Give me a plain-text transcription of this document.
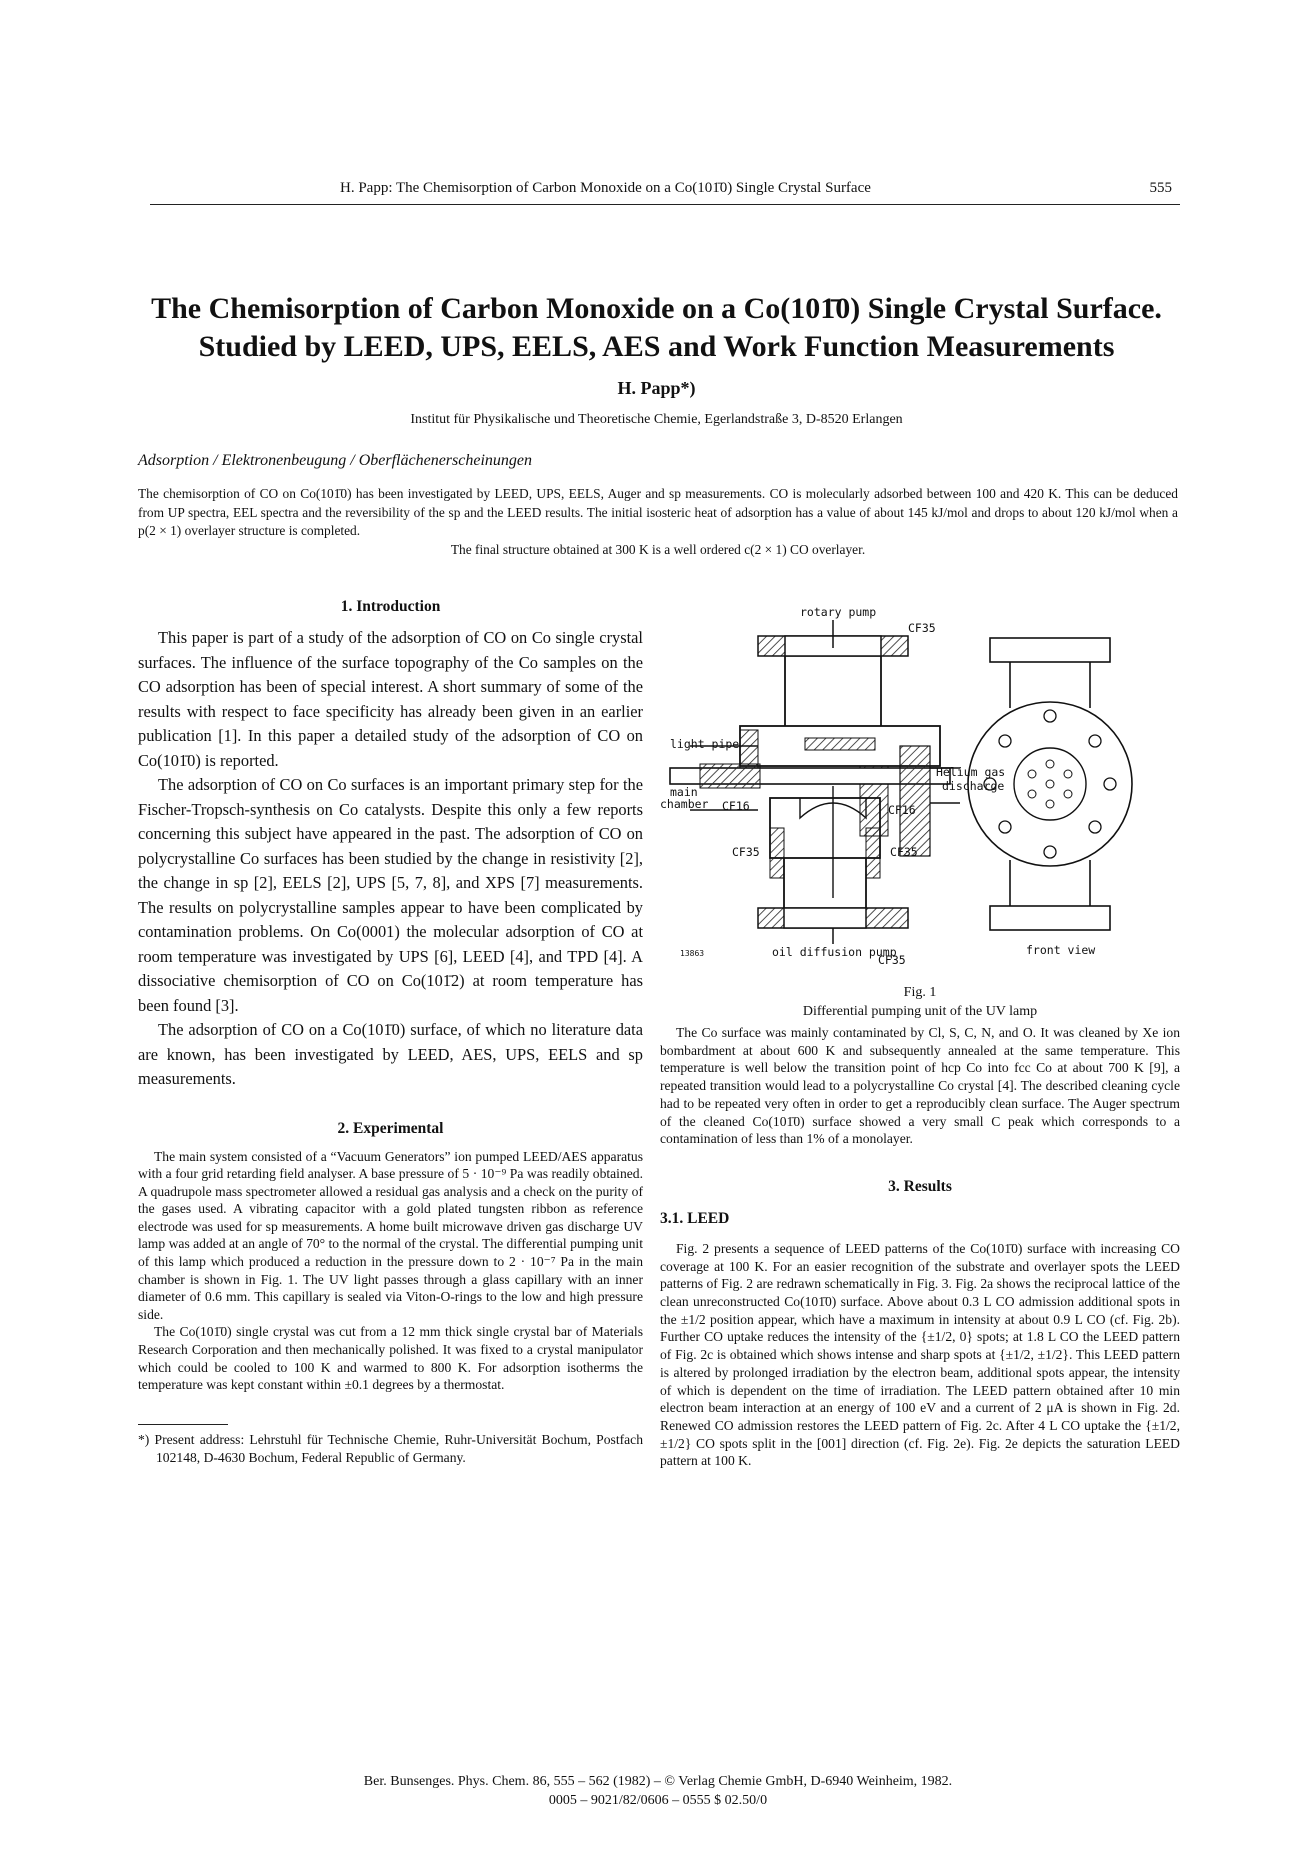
H. Papp: The Chemisorption of Carbon Monoxide on a Co(101̄0) Single Crystal Surface	555
The Chemisorption of Carbon Monoxide on a Co(101̄0) Single Crystal Surface.
Studied by LEED, UPS, EELS, AES and Work Function Measurements
H. Papp*)
Institut für Physikalische und Theoretische Chemie, Egerlandstraße 3, D-8520 Erlangen
Adsorption / Elektronenbeugung / Oberflächenerscheinungen
The chemisorption of CO on Co(101̄0) has been investigated by LEED, UPS, EELS, Auger and sp measurements. CO is molecularly adsorbed between 100 and 420 K. This can be deduced from UP spectra, EEL spectra and the reversibility of the sp and the LEED results. The initial isosteric heat of adsorption has a value of about 145 kJ/mol and drops to about 120 kJ/mol when a p(2 × 1) overlayer structure is completed.
The final structure obtained at 300 K is a well ordered c(2 × 1) CO overlayer.
1. Introduction

This paper is part of a study of the adsorption of CO on Co single crystal surfaces. The influence of the surface topography of the Co samples on the CO adsorption has been of special interest. A short summary of some of the results with respect to face specificity has already been given in an earlier publication [1]. In this paper a detailed study of the adsorption of CO on Co(101̄0) is reported.

The adsorption of CO on Co surfaces is an important primary step for the Fischer-Tropsch-synthesis on Co catalysts. Despite this only a few reports concerning this subject have appeared in the past. The adsorption of CO on polycrystalline Co surfaces has been studied by the change in resistivity [2], the change in sp [2], EELS [2], UPS [5, 7, 8], and XPS [7] measurements. The results on polycrystalline samples appear to have been complicated by contamination problems. On Co(0001) the molecular adsorption of CO at room temperature was investigated by UPS [6], LEED [4], and TPD [4]. A dissociative chemisorption of CO on Co(101̄2) at room temperature has been found [3].

The adsorption of CO on a Co(101̄0) surface, of which no literature data are known, has been investigated by LEED, AES, UPS, EELS and sp measurements.

2. Experimental

The main system consisted of a “Vacuum Generators” ion pumped LEED/AES apparatus with a four grid retarding field analyser. A base pressure of 5 · 10⁻⁹ Pa was readily obtained. A quadrupole mass spectrometer allowed a residual gas analysis and a check on the purity of the gases used. A vibrating capacitor with a gold plated tungsten ribbon as reference electrode was used for sp measurements. A home built microwave driven gas discharge UV lamp was added at an angle of 70° to the normal of the crystal. The differential pumping unit of this lamp which produced a reduction in the pressure down to 2 · 10⁻⁷ Pa in the main chamber is shown in Fig. 1. The UV light passes through a glass capillary with an inner diameter of 0.6 mm. This capillary is sealed via Viton-O-rings to the low and high pressure side.

The Co(101̄0) single crystal was cut from a 12 mm thick single crystal bar of Materials Research Corporation and then mechanically polished. It was fixed to a crystal manipulator which could be cooled to 100 K and warmed to 800 K. For adsorption isotherms the temperature was kept constant within ±0.1 degrees by a thermostat.

*) Present address: Lehrstuhl für Technische Chemie, Ruhr-Universität Bochum, Postfach 102148, D-4630 Bochum, Federal Republic of Germany.
rotary pump
CF35
light pipe
main
chamber CF16	CF16
Helium gas
discharge
CF35	CF35
oil diffusion pump
CF35
front view
13863
Fig. 1
Differential pumping unit of the UV lamp

The Co surface was mainly contaminated by Cl, S, C, N, and O. It was cleaned by Xe ion bombardment at about 600 K and subsequently annealed at the same temperature. This temperature is well below the transition point of hcp Co into fcc Co at about 700 K [9], a repeated transition would lead to a polycrystalline Co crystal [4]. The described cleaning cycle had to be repeated very often in order to get a reproducibly clean surface. The Auger spectrum of the cleaned Co(101̄0) surface showed a very small C peak which corresponds to a contamination of less than 1% of a monolayer.

3. Results
3.1. LEED

Fig. 2 presents a sequence of LEED patterns of the Co(101̄0) surface with increasing CO coverage at 100 K. For an easier recognition of the substrate and overlayer spots the LEED patterns of Fig. 2 are redrawn schematically in Fig. 3. Fig. 2a shows the reciprocal lattice of the clean unreconstructed Co(101̄0) surface. Above about 0.3 L CO admission additional spots in the ±1/2 position appear, which have a maximum in intensity at about 0.9 L CO (cf. Fig. 2b). Further CO uptake reduces the intensity of the {±1/2, 0} spots; at 1.8 L CO the LEED pattern of Fig. 2c is obtained which shows intense and sharp spots at {±1/2, ±1/2}. This LEED pattern is altered by prolonged irradiation by the electron beam, additional spots appear, the intensity of which is dependent on the time of irradiation. The LEED pattern obtained after 10 min electron beam interaction at an energy of 100 eV and a current of 2 μA is shown in Fig. 2d. Renewed CO admission restores the LEED pattern of Fig. 2c. After 4 L CO uptake the {±1/2, ±1/2} CO spots split in the [001] direction (cf. Fig. 2e). Fig. 2e depicts the saturation LEED pattern at 100 K.

Ber. Bunsenges. Phys. Chem. 86, 555 – 562 (1982) – © Verlag Chemie GmbH, D-6940 Weinheim, 1982.
0005 – 9021/82/0606 – 0555 $ 02.50/0
